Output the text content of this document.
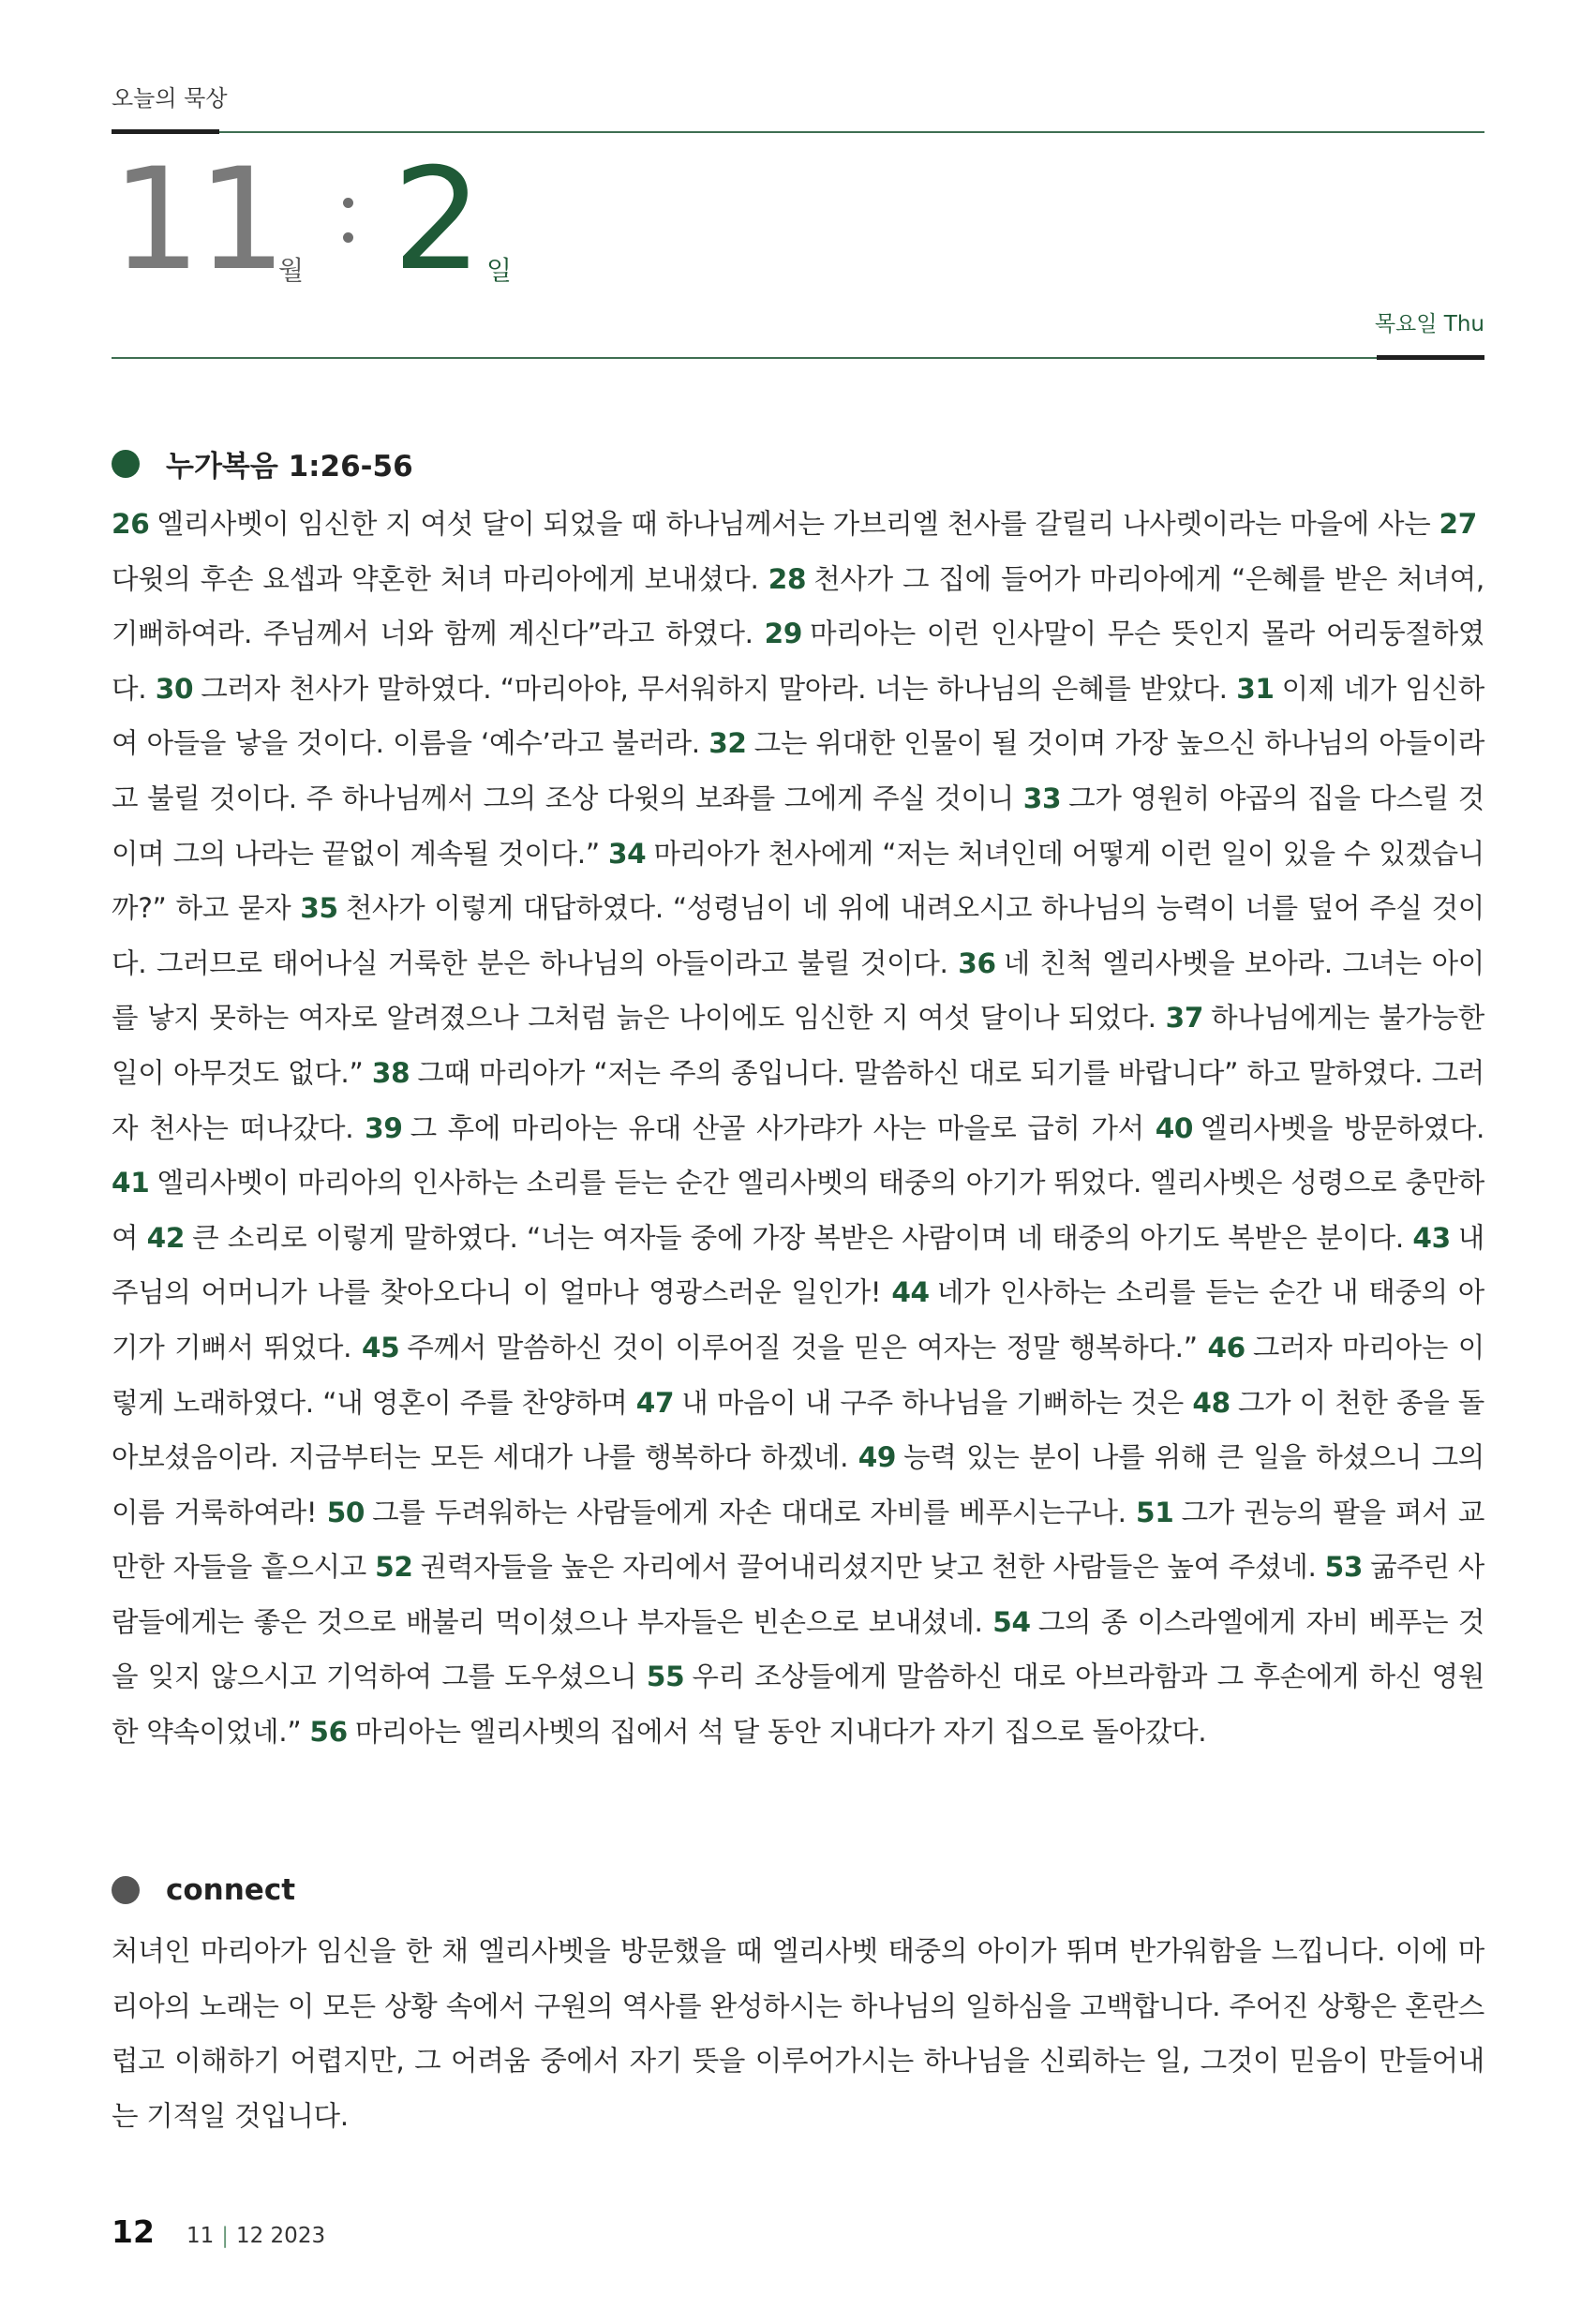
오늘의 묵상
11
월 2 일
목요일 Thu
누가복음 1:26-56
26 엘리사벳이 임신한 지 여섯 달이 되었을 때 하나님께서는 가브리엘 천사를 갈릴리 나사렛이라는 마을에 사는 27다윗의 후손 요셉과 약혼한 처녀 마리아에게 보내셨다. 28 천사가 그 집에 들어가 마리아에게 “은혜를 받은 처녀여, 기뻐하여라. 주님께서 너와 함께 계신다”라고 하였다. 29 마리아는 이런 인사말이 무슨 뜻인지 몰라 어리둥절하였다. 30 그러자 천사가 말하였다. “마리아야, 무서워하지 말아라. 너는 하나님의 은혜를 받았다. 31 이제 네가 임신하여 아들을 낳을 것이다. 이름을 ‘예수’라고 불러라. 32 그는 위대한 인물이 될 것이며 가장 높으신 하나님의 아들이라고 불릴 것이다. 주 하나님께서 그의 조상 다윗의 보좌를 그에게 주실 것이니 33 그가 영원히 야곱의 집을 다스릴 것이며 그의 나라는 끝없이 계속될 것이다.” 34 마리아가 천사에게 “저는 처녀인데 어떻게 이런 일이 있을 수 있겠습니까?” 하고 묻자 35 천사가 이렇게 대답하였다. “성령님이 네 위에 내려오시고 하나님의 능력이 너를 덮어 주실 것이다. 그러므로 태어나실 거룩한 분은 하나님의 아들이라고 불릴 것이다. 36 네 친척 엘리사벳을 보아라. 그녀는 아이를 낳지 못하는 여자로 알려졌으나 그처럼 늙은 나이에도 임신한 지 여섯 달이나 되었다. 37 하나님에게는 불가능한 일이 아무것도 없다.” 38 그때 마리아가 “저는 주의 종입니다. 말씀하신 대로 되기를 바랍니다” 하고 말하였다. 그러자 천사는 떠나갔다. 39 그 후에 마리아는 유대 산골 사가랴가 사는 마을로 급히 가서 40 엘리사벳을 방문하였다. 41 엘리사벳이 마리아의 인사하는 소리를 듣는 순간 엘리사벳의 태중의 아기가 뛰었다. 엘리사벳은 성령으로 충만하여 42 큰 소리로 이렇게 말하였다. “너는 여자들 중에 가장 복받은 사람이며 네 태중의 아기도 복받은 분이다. 43 내 주님의 어머니가 나를 찾아오다니 이 얼마나 영광스러운 일인가! 44 네가 인사하는 소리를 듣는 순간 내 태중의 아기가 기뻐서 뛰었다. 45 주께서 말씀하신 것이 이루어질 것을 믿은 여자는 정말 행복하다.” 46 그러자 마리아는 이렇게 노래하였다. “내 영혼이 주를 찬양하며 47 내 마음이 내 구주 하나님을 기뻐하는 것은 48 그가 이 천한 종을 돌아보셨음이라. 지금부터는 모든 세대가 나를 행복하다 하겠네. 49 능력 있는 분이 나를 위해 큰 일을 하셨으니 그의 이름 거룩하여라! 50 그를 두려워하는 사람들에게 자손 대대로 자비를 베푸시는구나. 51 그가 권능의 팔을 펴서 교만한 자들을 흩으시고 52 권력자들을 높은 자리에서 끌어내리셨지만 낮고 천한 사람들은 높여 주셨네. 53 굶주린 사람들에게는 좋은 것으로 배불리 먹이셨으나 부자들은 빈손으로 보내셨네. 54 그의 종 이스라엘에게 자비 베푸는 것을 잊지 않으시고 기억하여 그를 도우셨으니 55 우리 조상들에게 말씀하신 대로 아브라함과 그 후손에게 하신 영원한 약속이었네.” 56 마리아는 엘리사벳의 집에서 석 달 동안 지내다가 자기 집으로 돌아갔다.
connect
처녀인 마리아가 임신을 한 채 엘리사벳을 방문했을 때 엘리사벳 태중의 아이가 뛰며 반가워함을 느낍니다. 이에 마리아의 노래는 이 모든 상황 속에서 구원의 역사를 완성하시는 하나님의 일하심을 고백합니다. 주어진 상황은 혼란스럽고 이해하기 어렵지만, 그 어려움 중에서 자기 뜻을 이루어가시는 하나님을 신뢰하는 일, 그것이 믿음이 만들어내는 기적일 것입니다.
12 11 | 12 2023
